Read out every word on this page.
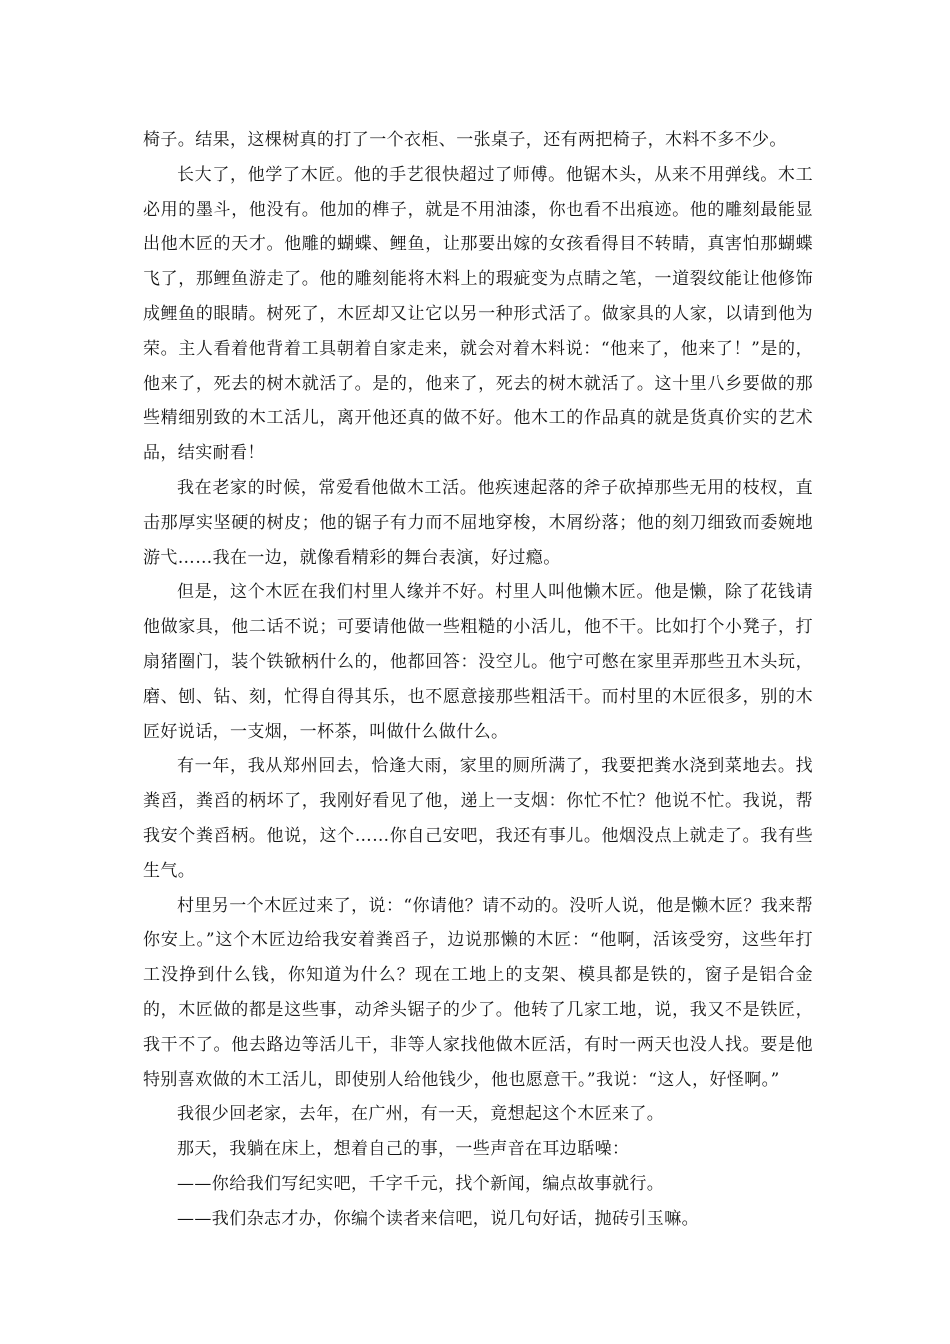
椅子。结果，这棵树真的打了一个衣柜、一张桌子，还有两把椅子，木料不多不少。

长大了，他学了木匠。他的手艺很快超过了师傅。他锯木头，从来不用弹线。木工必用的墨斗，他没有。他加的榫子，就是不用油漆，你也看不出痕迹。他的雕刻最能显出他木匠的天才。他雕的蝴蝶、鲤鱼，让那要出嫁的女孩看得目不转睛，真害怕那蝴蝶飞了，那鲤鱼游走了。他的雕刻能将木料上的瑕疵变为点睛之笔，一道裂纹能让他修饰成鲤鱼的眼睛。树死了，木匠却又让它以另一种形式活了。做家具的人家，以请到他为荣。主人看着他背着工具朝着自家走来，就会对着木料说：“他来了，他来了！”是的，他来了，死去的树木就活了。是的，他来了，死去的树木就活了。这十里八乡要做的那些精细别致的木工活儿，离开他还真的做不好。他木工的作品真的就是货真价实的艺术品，结实耐看！

我在老家的时候，常爱看他做木工活。他疾速起落的斧子砍掉那些无用的枝杈，直击那厚实坚硬的树皮；他的锯子有力而不屈地穿梭，木屑纷落；他的刻刀细致而委婉地游弋……我在一边，就像看精彩的舞台表演，好过瘾。

但是，这个木匠在我们村里人缘并不好。村里人叫他懒木匠。他是懒，除了花钱请他做家具，他二话不说；可要请他做一些粗糙的小活儿，他不干。比如打个小凳子，打扇猪圈门，装个铁锨柄什么的，他都回答：没空儿。他宁可憋在家里弄那些丑木头玩，磨、刨、钻、刻，忙得自得其乐，也不愿意接那些粗活干。而村里的木匠很多，别的木匠好说话，一支烟，一杯茶，叫做什么做什么。

有一年，我从郑州回去，恰逢大雨，家里的厕所满了，我要把粪水浇到菜地去。找粪舀，粪舀的柄坏了，我刚好看见了他，递上一支烟：你忙不忙？他说不忙。我说，帮我安个粪舀柄。他说，这个……你自己安吧，我还有事儿。他烟没点上就走了。我有些生气。

村里另一个木匠过来了，说：“你请他？请不动的。没听人说，他是懒木匠？我来帮你安上。”这个木匠边给我安着粪舀子，边说那懒的木匠：“他啊，活该受穷，这些年打工没挣到什么钱，你知道为什么？现在工地上的支架、模具都是铁的，窗子是铝合金的，木匠做的都是这些事，动斧头锯子的少了。他转了几家工地，说，我又不是铁匠，我干不了。他去路边等活儿干，非等人家找他做木匠活，有时一两天也没人找。要是他特别喜欢做的木工活儿，即使别人给他钱少，他也愿意干。”我说：“这人，好怪啊。”

我很少回老家，去年，在广州，有一天，竟想起这个木匠来了。

那天，我躺在床上，想着自己的事，一些声音在耳边聒噪：

——你给我们写纪实吧，千字千元，找个新闻，编点故事就行。

——我们杂志才办，你编个读者来信吧，说几句好话，抛砖引玉嘛。
